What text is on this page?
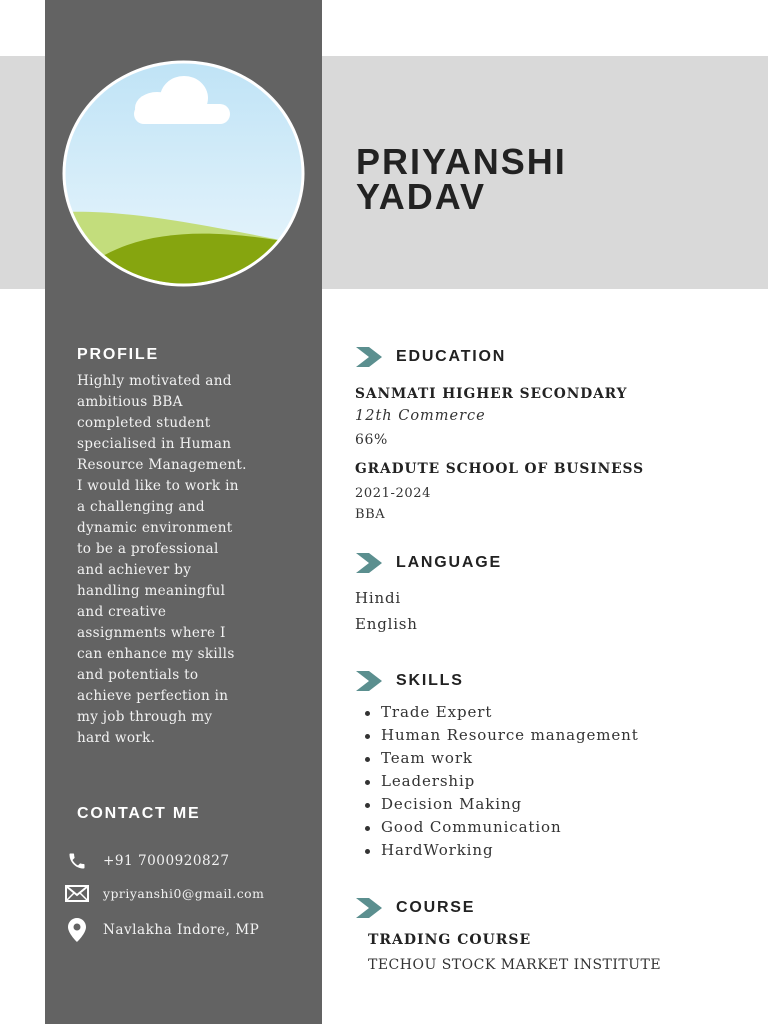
PRIYANSHI
YADAV
PROFILE
Highly motivated and
ambitious BBA
completed student
specialised in Human
Resource Management.
I would like to work in
a challenging and
dynamic environment
to be a professional
and achiever by
handling meaningful
and creative
assignments where I
can enhance my skills
and potentials to
achieve perfection in
my job through my
hard work.
CONTACT ME
+91 7000920827
ypriyanshi0@gmail.com
Navlakha Indore, MP
EDUCATION
SANMATI HIGHER SECONDARY
12th Commerce
66%
GRADUTE SCHOOL OF BUSINESS
2021-2024
BBA
LANGUAGE
Hindi
English
SKILLS
Trade Expert
Human Resource management
Team work
Leadership
Decision Making
Good Communication
HardWorking
COURSE
TRADING COURSE
TECHOU STOCK MARKET INSTITUTE
